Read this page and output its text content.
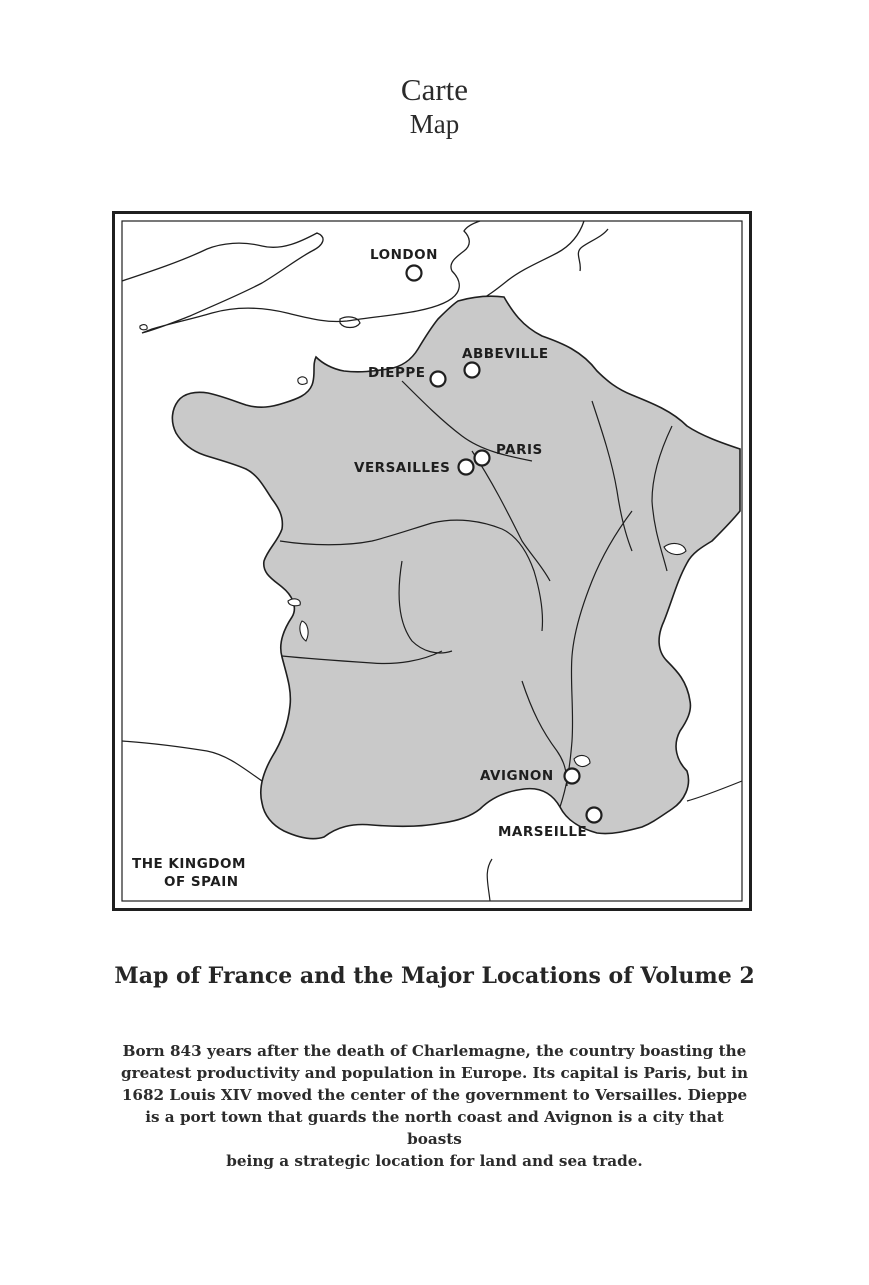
Carte
Map
LONDON
ABBEVILLE
DIEPPE
PARIS
VERSAILLES
AVIGNON
MARSEILLE
THE KINGDOM
OF SPAIN
Map of France and the Major Locations of Volume 2
Born 843 years after the death of Charlemagne, the country boasting the
greatest productivity and population in Europe. Its capital is Paris, but in
1682 Louis XIV moved the center of the government to Versailles. Dieppe
is a port town that guards the north coast and Avignon is a city that boasts
being a strategic location for land and sea trade.
